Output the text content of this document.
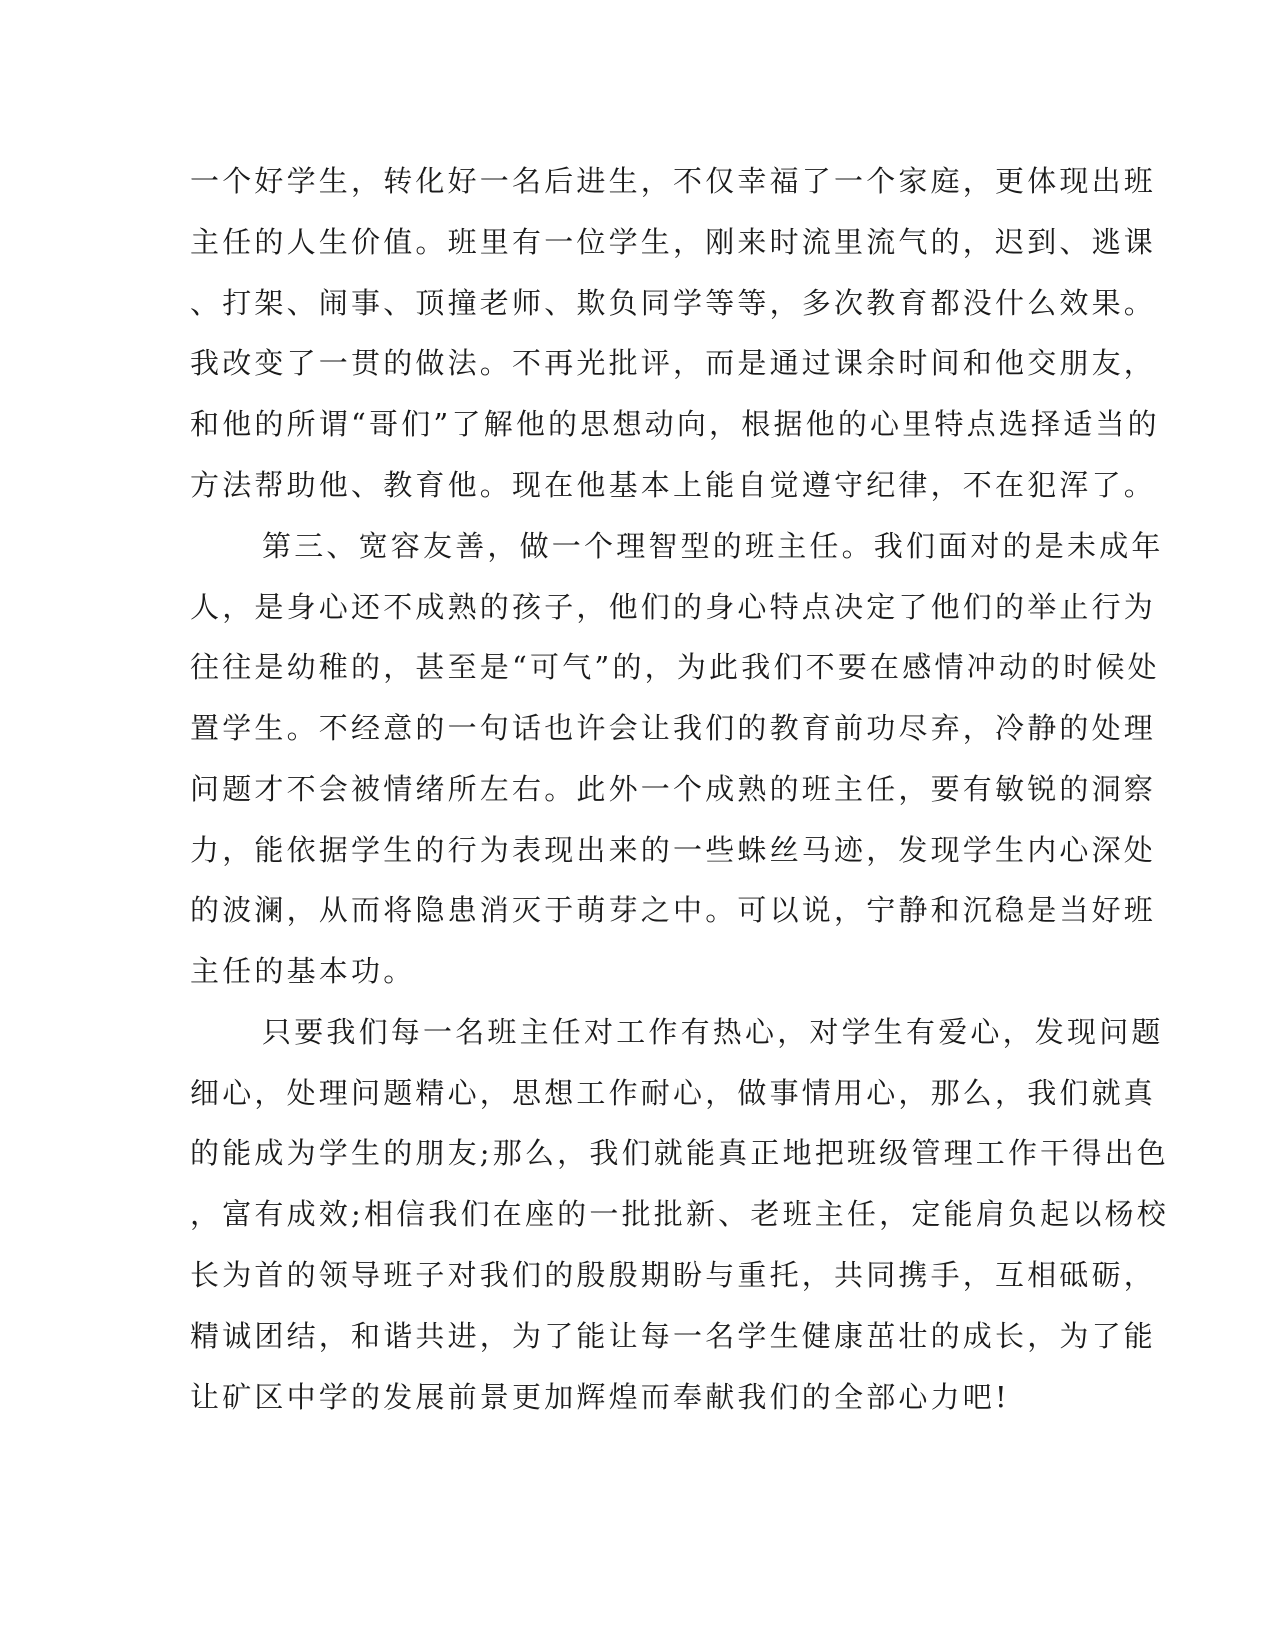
一个好学生，转化好一名后进生，不仅幸福了一个家庭，更体现出班

主任的人生价值。班里有一位学生，刚来时流里流气的，迟到、逃课

、打架、闹事、顶撞老师、欺负同学等等，多次教育都没什么效果。

我改变了一贯的做法。不再光批评，而是通过课余时间和他交朋友，

和他的所谓“哥们”了解他的思想动向，根据他的心里特点选择适当的

方法帮助他、教育他。现在他基本上能自觉遵守纪律，不在犯浑了。

第三、宽容友善，做一个理智型的班主任。我们面对的是未成年

人，是身心还不成熟的孩子，他们的身心特点决定了他们的举止行为

往往是幼稚的，甚至是“可气”的，为此我们不要在感情冲动的时候处

置学生。不经意的一句话也许会让我们的教育前功尽弃，冷静的处理

问题才不会被情绪所左右。此外一个成熟的班主任，要有敏锐的洞察

力，能依据学生的行为表现出来的一些蛛丝马迹，发现学生内心深处

的波澜，从而将隐患消灭于萌芽之中。可以说，宁静和沉稳是当好班

主任的基本功。

只要我们每一名班主任对工作有热心，对学生有爱心，发现问题

细心，处理问题精心，思想工作耐心，做事情用心，那么，我们就真

的能成为学生的朋友;那么，我们就能真正地把班级管理工作干得出色

，富有成效;相信我们在座的一批批新、老班主任，定能肩负起以杨校

长为首的领导班子对我们的殷殷期盼与重托，共同携手，互相砥砺，

精诚团结，和谐共进，为了能让每一名学生健康茁壮的成长，为了能

让矿区中学的发展前景更加辉煌而奉献我们的全部心力吧!
